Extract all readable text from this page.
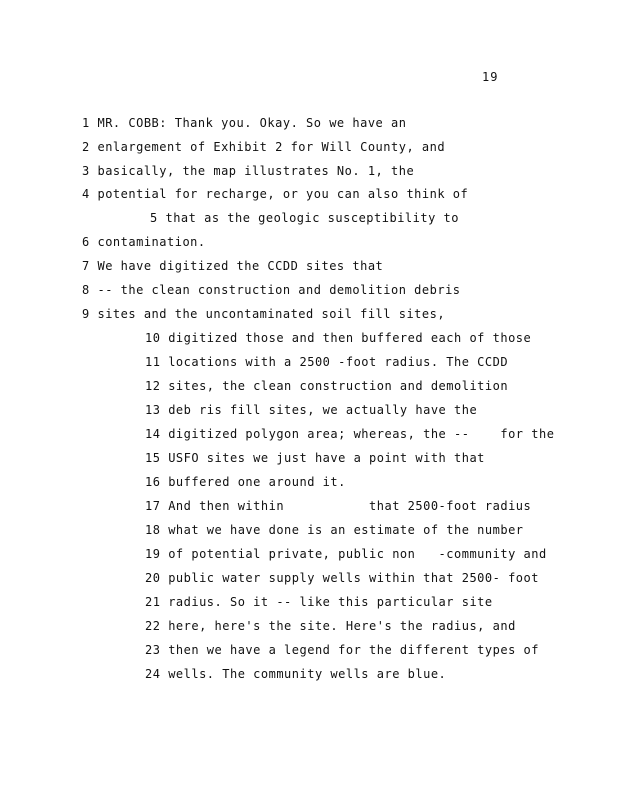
19
1 MR. COBB: Thank you. Okay. So we have an
2 enlargement of Exhibit 2 for Will County, and
3 basically, the map illustrates No. 1, the
4 potential for recharge, or you can also think of
5 that as the geologic susceptibility to
6 contamination.
7 We have digitized the CCDD sites that
8 -- the clean construction and demolition debris
9 sites and the uncontaminated soil fill sites,
10 digitized those and then buffered each of those
11 locations with a 2500 -foot radius. The CCDD
12 sites, the clean construction and demolition
13 deb ris fill sites, we actually have the
14 digitized polygon area; whereas, the --    for the
15 USFO sites we just have a point with that
16 buffered one around it.
17 And then within           that 2500-foot radius
18 what we have done is an estimate of the number
19 of potential private, public non   -community and
20 public water supply wells within that 2500- foot
21 radius. So it -- like this particular site
22 here, here's the site. Here's the radius, and
23 then we have a legend for the different types of
24 wells. The community wells are blue.
